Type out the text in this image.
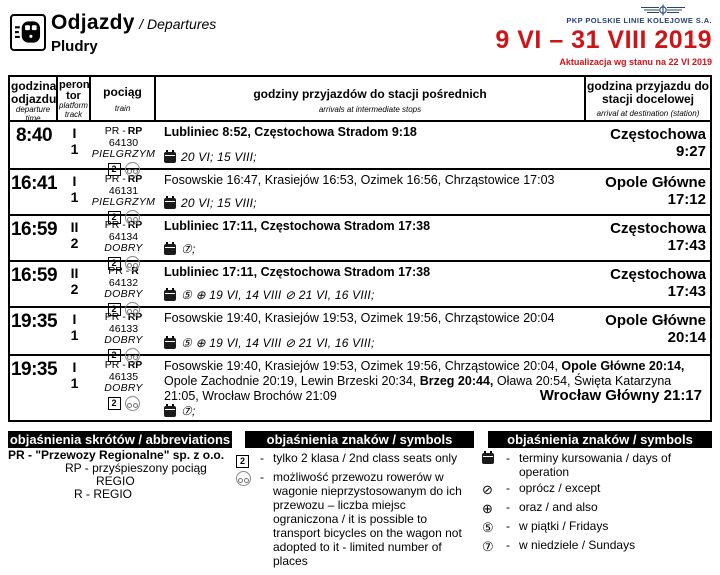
Odjazdy / Departures
Pludry
PKP POLSKIE LINIE KOLEJOWE S.A.
9 VI – 31 VIII 2019
Aktualizacja wg stanu na 22 VI 2019
godzina odjazdu
departure time
peron
tor
platform
track
pociąg
train
godziny przyjazdów do stacji pośrednich
arrivals at intermediate stops
godzina przyjazdu do stacji docelowej
arrival at destination (station)
8:40	I
1
PR - RP
64130
PIELGRZYM
2
Lubliniec 8:52, Częstochowa Stradom 9:18
20 VI; 15 VIII;
Częstochowa 9:27
16:41	I
1
PR - RP
46131
PIELGRZYM
2
Fosowskie 16:47, Krasiejów 16:53, Ozimek 16:56, Chrząstowice 17:03
20 VI; 15 VIII;
Opole Główne 17:12
16:59 II
2
PR - RP
64134
DOBRY
2
Lubliniec 17:11, Częstochowa Stradom 17:38
⑦;
Częstochowa 17:43
16:59 II
2
PR - R
64132
DOBRY
2
Lubliniec 17:11, Częstochowa Stradom 17:38
⑤ ⊕ 19 VI, 14 VIII ⊘ 21 VI, 16 VIII;
Częstochowa 17:43
19:35	I
1
PR - RP
46133
DOBRY
2
Fosowskie 19:40, Krasiejów 19:53, Ozimek 19:56, Chrząstowice 20:04
⑤ ⊕ 19 VI, 14 VIII ⊘ 21 VI, 16 VIII;
Opole Główne 20:14
19:35	I
1
PR - RP
46135
DOBRY
2
Fosowskie 19:40, Krasiejów 19:53, Ozimek 19:56, Chrząstowice 20:04, Opole Główne 20:14, Opole Zachodnie 20:19, Lewin Brzeski 20:34, Brzeg 20:44, Oława 20:54, Święta Katarzyna 21:05, Wrocław Brochów 21:09	Wrocław Główny 21:17
⑦;
objaśnienia skrótów / abbreviations
PR - "Przewozy Regionalne" sp. z o.o.
RP - przyśpieszony pociąg
REGIO
R - REGIO
objaśnienia znaków / symbols
2	- tylko 2 klasa / 2nd class seats only
- możliwość przewozu rowerów w wagonie nieprzystosowanym do ich przewozu – liczba miejsc ograniczona / it is possible to transport bicycles on the wagon not adopted to it - limited number of places
objaśnienia znaków / symbols
- terminy kursowania / days of operation
⊘	- oprócz / except
⊕	- oraz / and also
⑤	- w piątki / Fridays
⑦	- w niedziele / Sundays
